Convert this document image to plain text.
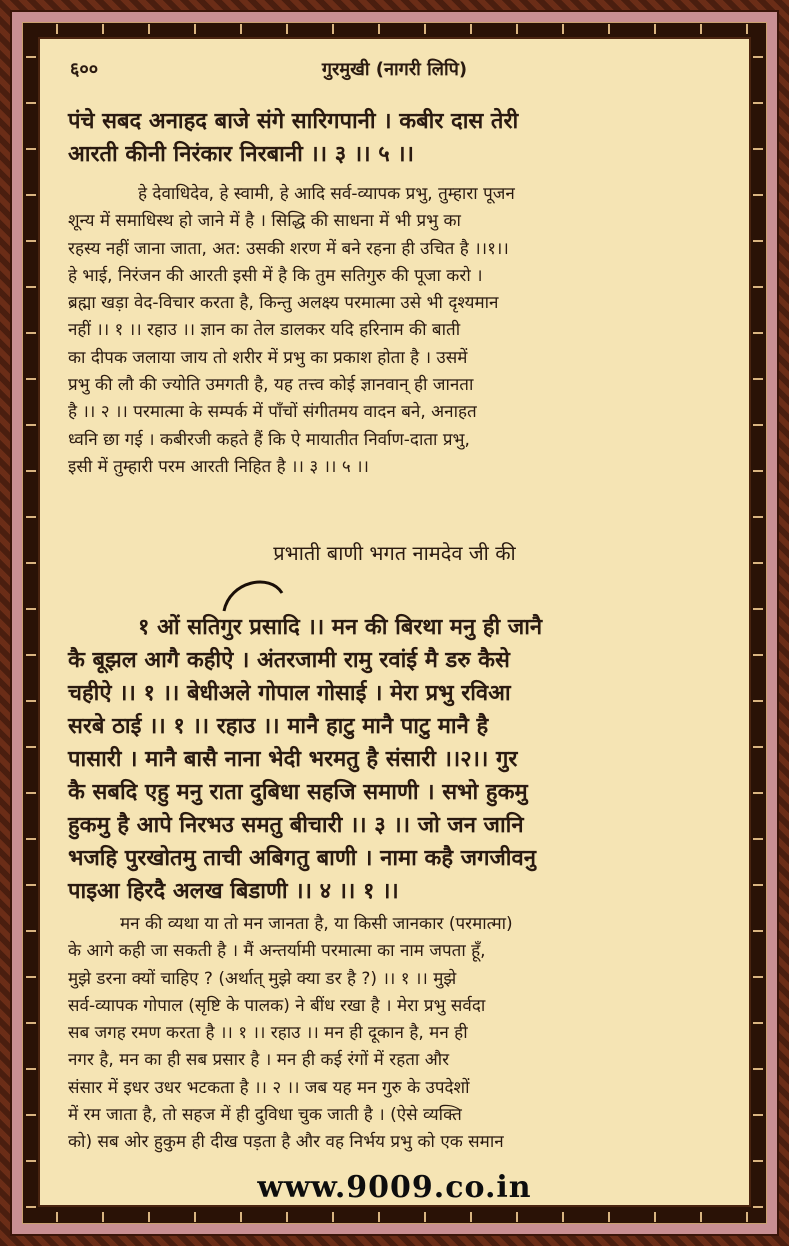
६००	गुरमुखी (नागरी लिपि)
पंचे सबद अनाहद बाजे संगे सारिगपानी । कबीर दास तेरी
आरती कीनी निरंकार निरबानी ।। ३ ।। ५ ।।
हे देवाधिदेव, हे स्वामी, हे आदि सर्व-व्यापक प्रभु, तुम्हारा पूजन
शून्य में समाधिस्थ हो जाने में है । सिद्धि की साधना में भी प्रभु का
रहस्य नहीं जाना जाता, अत: उसकी शरण में बने रहना ही उचित है ।।१।।
हे भाई, निरंजन की आरती इसी में है कि तुम सतिगुरु की पूजा करो ।
ब्रह्मा खड़ा वेद-विचार करता है, किन्तु अलक्ष्य परमात्मा उसे भी दृश्यमान
नहीं ।। १ ।। रहाउ ।। ज्ञान का तेल डालकर यदि हरिनाम की बाती
का दीपक जलाया जाय तो शरीर में प्रभु का प्रकाश होता है । उसमें
प्रभु की लौ की ज्योति उमगती है, यह तत्त्व कोई ज्ञानवान् ही जानता
है ।। २ ।। परमात्मा के सम्पर्क में पाँचों संगीतमय वादन बने, अनाहत
ध्वनि छा गई । कबीरजी कहते हैं कि ऐ मायातीत निर्वाण-दाता प्रभु,
इसी में तुम्हारी परम आरती निहित है ।। ३ ।। ५ ।।
प्रभाती बाणी भगत नामदेव जी की
१ ओं सतिगुर प्रसादि ।। मन की बिरथा मनु ही जानै
कै बूझल आगै कहीऐ । अंतरजामी रामु रवांई मै डरु कैसे
चहीऐ ।। १ ।। बेधीअले गोपाल गोसाई । मेरा प्रभु रविआ
सरबे ठाई ।। १ ।। रहाउ ।। मानै हाटु मानै पाटु मानै है
पासारी । मानै बासै नाना भेदी भरमतु है संसारी ।।२।। गुर
कै सबदि एहु मनु राता दुबिधा सहजि समाणी । सभो हुकमु
हुकमु है आपे निरभउ समतु बीचारी ।। ३ ।। जो जन जानि
भजहि पुरखोतमु ताची अबिगतु बाणी । नामा कहै जगजीवनु
पाइआ हिरदै अलख बिडाणी ।। ४ ।। १ ।।
मन की व्यथा या तो मन जानता है, या किसी जानकार (परमात्मा)
के आगे कही जा सकती है । मैं अन्तर्यामी परमात्मा का नाम जपता हूँ,
मुझे डरना क्यों चाहिए ? (अर्थात् मुझे क्या डर है ?) ।। १ ।। मुझे
सर्व-व्यापक गोपाल (सृष्टि के पालक) ने बींध रखा है । मेरा प्रभु सर्वदा
सब जगह रमण करता है ।। १ ।। रहाउ ।। मन ही दूकान है, मन ही
नगर है, मन का ही सब प्रसार है । मन ही कई रंगों में रहता और
संसार में इधर उधर भटकता है ।। २ ।। जब यह मन गुरु के उपदेशों
में रम जाता है, तो सहज में ही दुविधा चुक जाती है । (ऐसे व्यक्ति
को) सब ओर हुकुम ही दीख पड़ता है और वह निर्भय प्रभु को एक समान
www.9009.co.in
